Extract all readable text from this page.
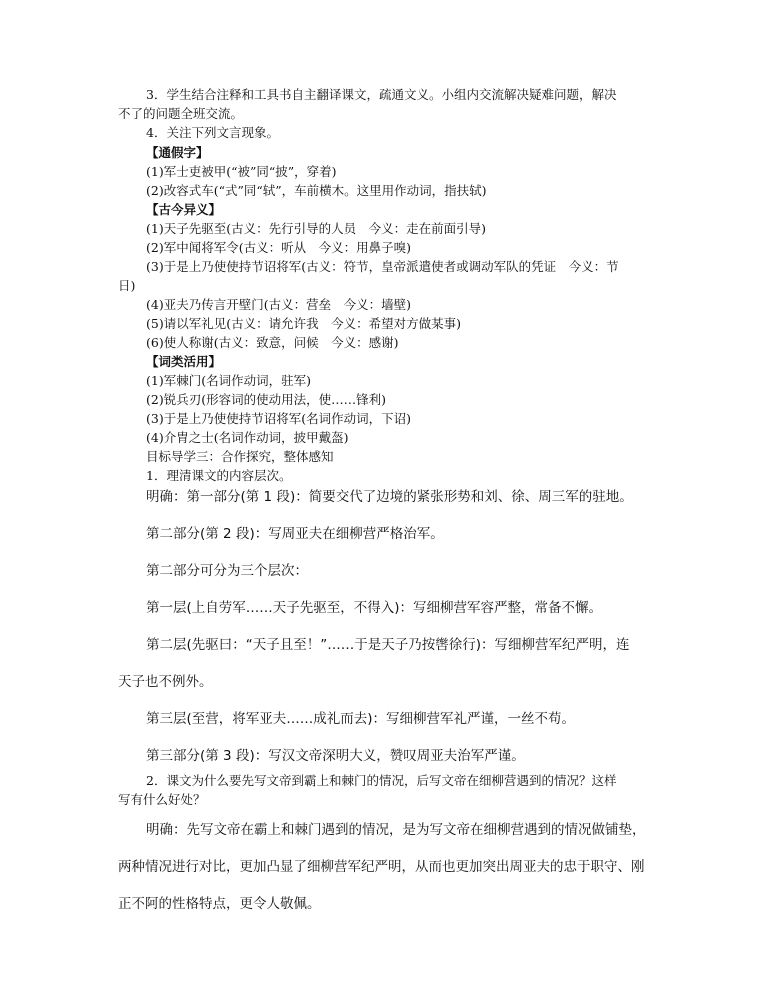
3．学生结合注释和工具书自主翻译课文，疏通文义。小组内交流解决疑难问题，解决
不了的问题全班交流。
4．关注下列文言现象。
【通假字】
(1)军士吏被甲(“被”同“披”，穿着)
(2)改容式车(“式”同“轼”，车前横木。这里用作动词，指扶轼)
【古今异义】
(1)天子先驱至(古义：先行引导的人员　今义：走在前面引导)
(2)军中闻将军令(古义：听从　今义：用鼻子嗅)
(3)于是上乃使使持节诏将军(古义：符节，皇帝派遣使者或调动军队的凭证　今义：节
日)
(4)亚夫乃传言开壁门(古义：营垒　今义：墙壁)
(5)请以军礼见(古义：请允许我　今义：希望对方做某事)
(6)使人称谢(古义：致意，问候　今义：感谢)
【词类活用】
(1)军棘门(名词作动词，驻军)
(2)锐兵刃(形容词的使动用法，使……锋利)
(3)于是上乃使使持节诏将军(名词作动词，下诏)
(4)介胄之士(名词作动词，披甲戴盔)
目标导学三：合作探究，整体感知
1．理清课文的内容层次。
明确：第一部分(第 1 段)：简要交代了边境的紧张形势和刘、徐、周三军的驻地。
第二部分(第 2 段)：写周亚夫在细柳营严格治军。
第二部分可分为三个层次：
第一层(上自劳军……天子先驱至，不得入)：写细柳营军容严整，常备不懈。
第二层(先驱曰：“天子且至！”……于是天子乃按辔徐行)：写细柳营军纪严明，连
天子也不例外。
第三层(至营，将军亚夫……成礼而去)：写细柳营军礼严谨，一丝不苟。
第三部分(第 3 段)：写汉文帝深明大义，赞叹周亚夫治军严谨。
2．课文为什么要先写文帝到霸上和棘门的情况，后写文帝在细柳营遇到的情况？这样
写有什么好处？
明确：先写文帝在霸上和棘门遇到的情况，是为写文帝在细柳营遇到的情况做铺垫，
两种情况进行对比，更加凸显了细柳营军纪严明，从而也更加突出周亚夫的忠于职守、刚
正不阿的性格特点，更令人敬佩。
